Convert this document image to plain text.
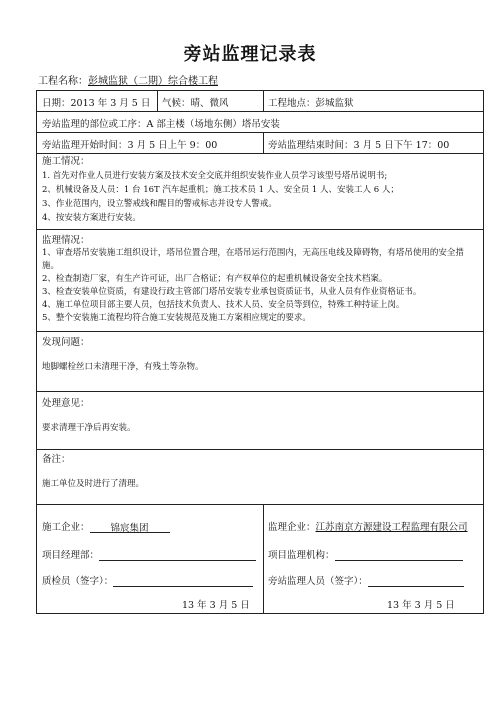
旁站监理记录表
工程名称：彭城监狱（二期）综合楼工程
日期：2013 年 3 月 5 日 气候：晴、微风	工程地点：彭城监狱
旁站监理的部位或工序：A 部主楼（场地东侧）塔吊安装
旁站监理开始时间：3 月 5 日上午 9：00	旁站监理结束时间：3 月 5 日下午 17：00
施工情况：
1. 首先对作业人员进行安装方案及技术安全交底并组织安装作业人员学习该型号塔吊说明书;
2、机械设备及人员：1 台 16T 汽车起重机；施工技术员 1 人、安全员 1 人、安装工人 6 人；
3、作业范围内，设立警戒线和醒目的警戒标志并设专人警戒。
4、按安装方案进行安装。
监理情况：
1、审查塔吊安装施工组织设计，塔吊位置合理，在塔吊运行范围内，无高压电线及障碍物，有塔吊使用的安全措施。
2、检查制造厂家，有生产许可证，出厂合格证；有产权单位的起重机械设备安全技术档案。
3、检查安装单位资质，有建设行政主管部门塔吊安装专业承包资质证书，从业人员有作业资格证书。
4、施工单位项目部主要人员，包括技术负责人、技术人员、安全员等到位，特殊工种持证上岗。
5、整个安装施工流程均符合施工安装规范及施工方案相应规定的要求。
发现问题：
地脚螺栓丝口未清理干净，有残土等杂物。
处理意见：
要求清理干净后再安装。
备注：
施工单位及时进行了清理。
施工企业： 锦宸集团
项目经理部：
质检员（签字）：
13 年 3 月 5 日
监理企业：江苏南京方源建设工程监理有限公司
项目监理机构：
旁站监理人员（签字）：
13 年 3 月 5 日
